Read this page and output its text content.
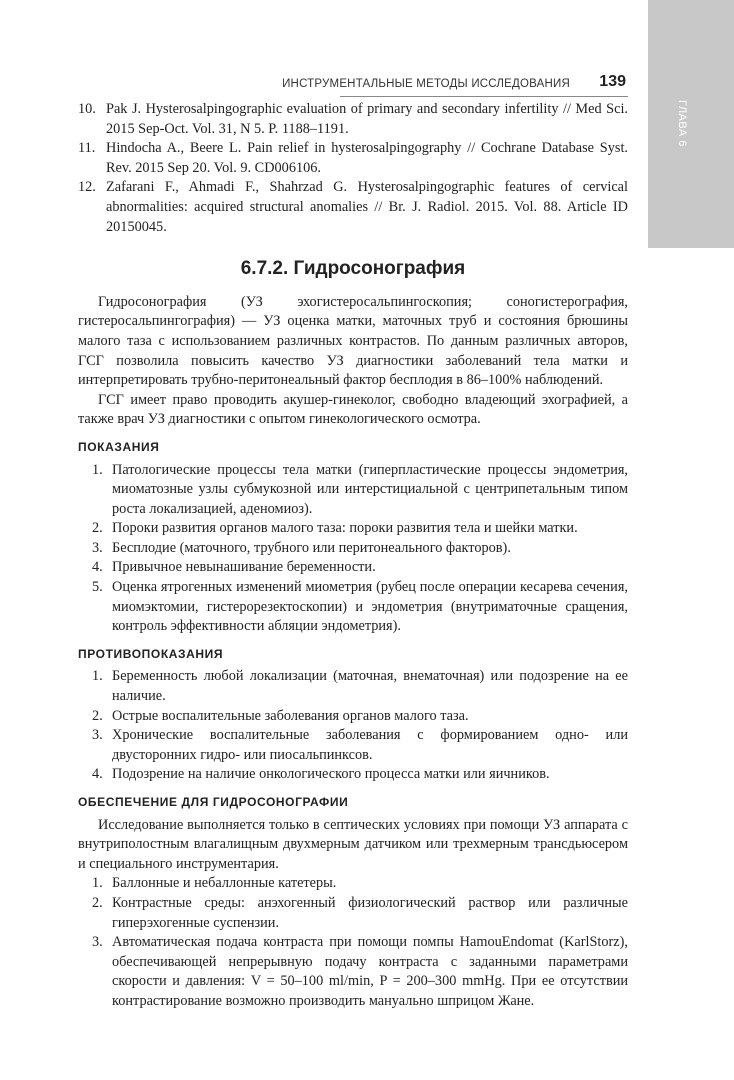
ГЛАВА 6
ИНСТРУМЕНТАЛЬНЫЕ МЕТОДЫ ИССЛЕДОВАНИЯ 139
10. Pak J. Hysterosalpingographic evaluation of primary and secondary infertility // Med Sci. 2015 Sep-Oct. Vol. 31, N 5. P. 1188–1191.
11. Hindocha A., Beere L. Pain relief in hysterosalpingography // Cochrane Database Syst. Rev. 2015 Sep 20. Vol. 9. CD006106.
12. Zafarani F., Ahmadi F., Shahrzad G. Hysterosalpingographic features of cervical abnormalities: acquired structural anomalies // Br. J. Radiol. 2015. Vol. 88. Article ID 20150045.
6.7.2. Гидросонография

Гидросонография (УЗ эхогистеросальпингоскопия; соногистерография, гистеросальпингография) — УЗ оценка матки, маточных труб и состояния брюшины малого таза с использованием различных контрастов. По данным различных авторов, ГСГ позволила повысить качество УЗ диагностики заболеваний тела матки и интерпретировать трубно-перитонеальный фактор бесплодия в 86–100% наблюдений.

ГСГ имеет право проводить акушер-гинеколог, свободно владеющий эхографией, а также врач УЗ диагностики с опытом гинекологического осмотра.

ПОКАЗАНИЯ
1. Патологические процессы тела матки (гиперпластические процессы эндометрия, миоматозные узлы субмукозной или интерстициальной с центрипетальным типом роста локализацией, аденомиоз).
2. Пороки развития органов малого таза: пороки развития тела и шейки матки.
3. Бесплодие (маточного, трубного или перитонеального факторов).
4. Привычное невынашивание беременности.
5. Оценка ятрогенных изменений миометрия (рубец после операции кесарева сечения, миомэктомии, гистерорезектоскопии) и эндометрия (внутриматочные сращения, контроль эффективности абляции эндометрия).
ПРОТИВОПОКАЗАНИЯ
1. Беременность любой локализации (маточная, внематочная) или подозрение на ее наличие.
2. Острые воспалительные заболевания органов малого таза.
3. Хронические воспалительные заболевания с формированием одно- или двусторонних гидро- или пиосальпинксов.
4. Подозрение на наличие онкологического процесса матки или яичников.
ОБЕСПЕЧЕНИЕ ДЛЯ ГИДРОСОНОГРАФИИ

Исследование выполняется только в септических условиях при помощи УЗ аппарата с внутриполостным влагалищным двухмерным датчиком или трехмерным трансдьюсером и специального инструментария.

1. Баллонные и небаллонные катетеры.
2. Контрастные среды: анэхогенный физиологический раствор или различные гиперэхогенные суспензии.
3. Автоматическая подача контраста при помощи помпы HamouEndomat (KarlStorz), обеспечивающей непрерывную подачу контраста с заданными параметрами скорости и давления: V = 50–100 ml/min, P = 200–300 mmHg. При ее отсутствии контрастирование возможно производить мануально шприцом Жане.
